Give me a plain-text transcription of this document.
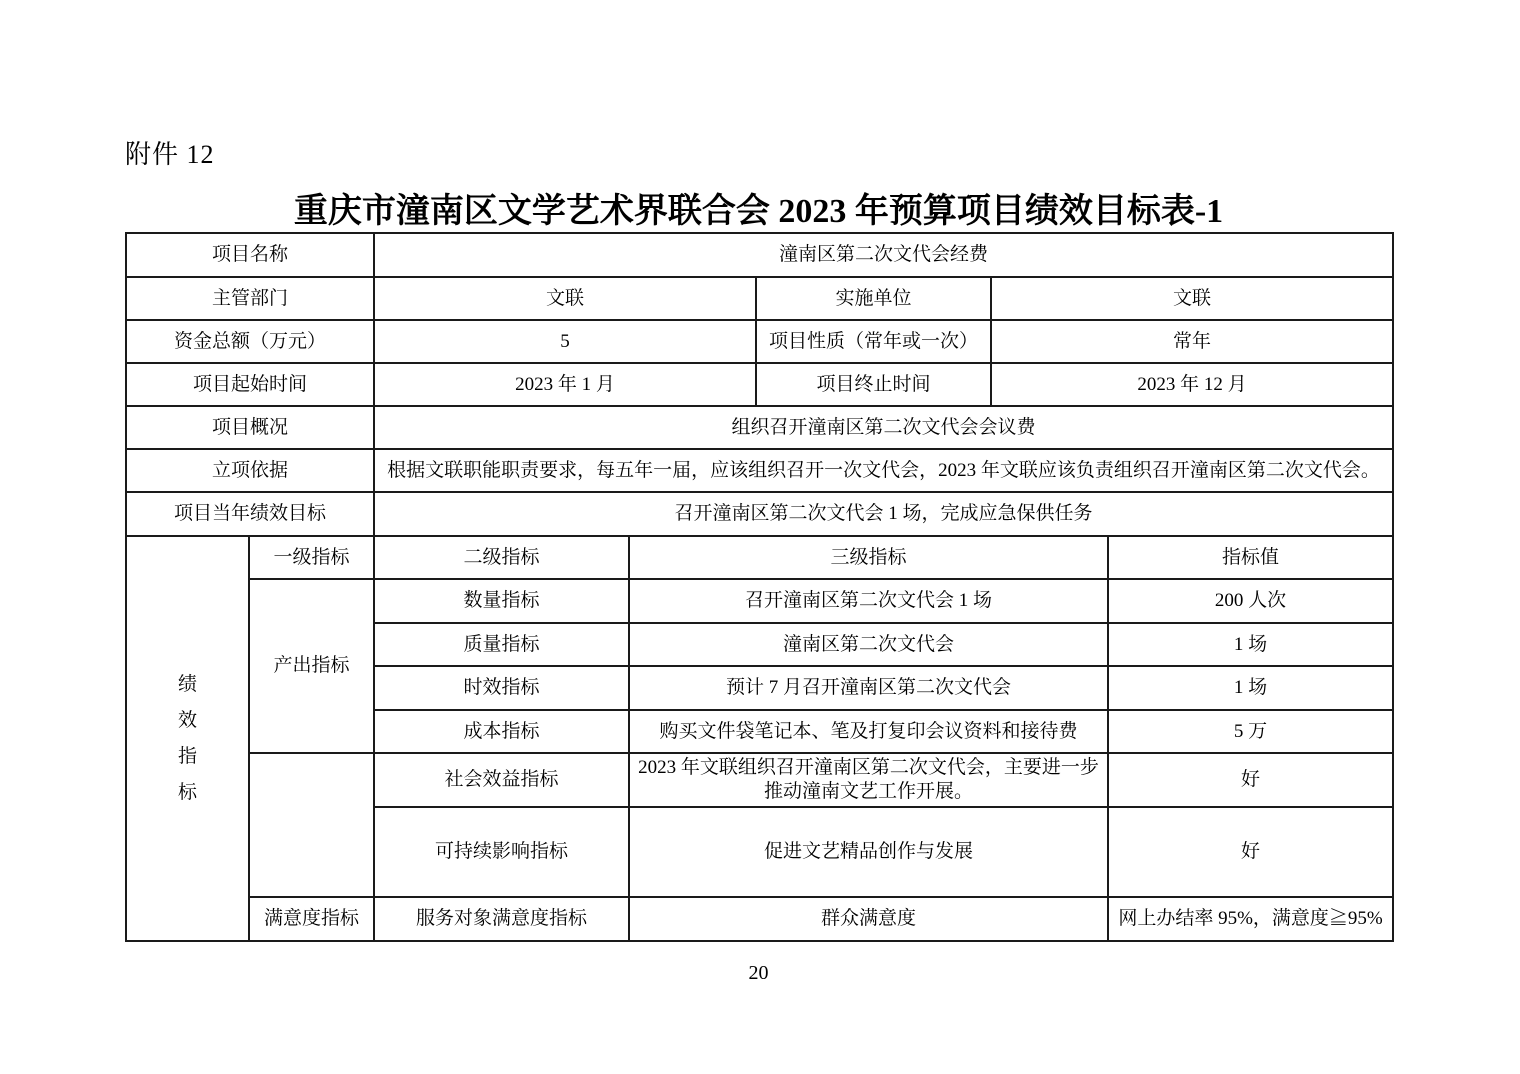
附件 12
重庆市潼南区文学艺术界联合会 2023 年预算项目绩效目标表-1
项目名称		潼南区第二次文代会经费				
主管部门		文联		实施单位	文联	
资金总额（万元）		5		项目性质（常年或一次）	常年	
项目起始时间		2023 年 1 月		项目终止时间	2023 年 12 月	
项目概况		组织召开潼南区第二次文代会会议费				
立项依据		根据文联职能职责要求，每五年一届，应该组织召开一次文代会，2023 年文联应该负责组织召开潼南区第二次文代会。				
项目当年绩效目标		召开潼南区第二次文代会 1 场，完成应急保供任务				

绩效指标	一级指标	二级指标	三级指标			指标值
	产出指标	数量指标	召开潼南区第二次文代会 1 场			200 人次
		质量指标	潼南区第二次文代会			1 场
		时效指标	预计 7 月召开潼南区第二次文代会			1 场
		成本指标	购买文件袋笔记本、笔及打复印会议资料和接待费			5 万
		社会效益指标	2023 年文联组织召开潼南区第二次文代会，主要进一步推动潼南文艺工作开展。			好
		可持续影响指标	促进文艺精品创作与发展			好
	满意度指标	服务对象满意度指标	群众满意度			网上办结率 95%，满意度≧95%
20
